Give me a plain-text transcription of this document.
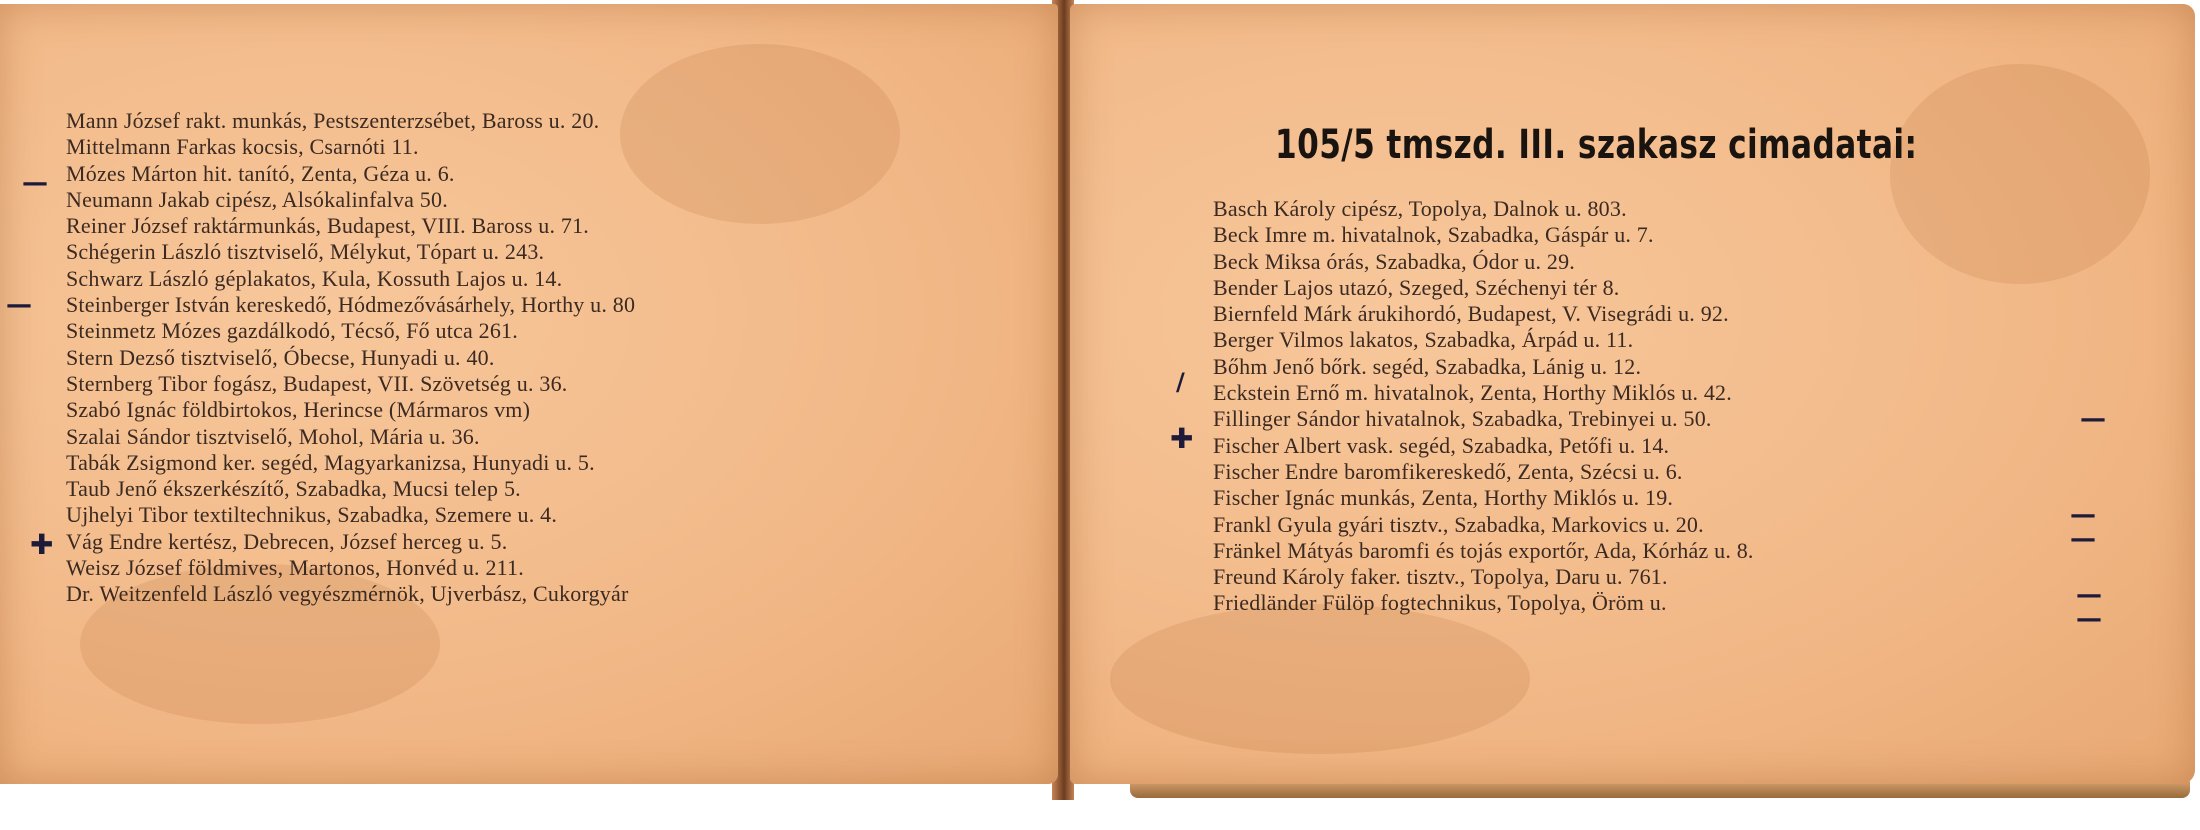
Mann József rakt. munkás, Pestszenterzsébet, Baross u. 20.
Mittelmann Farkas kocsis, Csarnóti 11.
Mózes Márton hit. tanító, Zenta, Géza u. 6.
Neumann Jakab cipész, Alsókalinfalva 50.
Reiner József raktármunkás, Budapest, VIII. Baross u. 71.
Schégerin László tisztviselő, Mélykut, Tópart u. 243.
Schwarz László géplakatos, Kula, Kossuth Lajos u. 14.
Steinberger István kereskedő, Hódmezővásárhely, Horthy u. 80
Steinmetz Mózes gazdálkodó, Técső, Fő utca 261.
Stern Dezső tisztviselő, Óbecse, Hunyadi u. 40.
Sternberg Tibor fogász, Budapest, VII. Szövetség u. 36.
Szabó Ignác földbirtokos, Herincse (Mármaros vm)
Szalai Sándor tisztviselő, Mohol, Mária u. 36.
Tabák Zsigmond ker. segéd, Magyarkanizsa, Hunyadi u. 5.
Taub Jenő ékszerkészítő, Szabadka, Mucsi telep 5.
Ujhelyi Tibor textiltechnikus, Szabadka, Szemere u. 4.
Vág Endre kertész, Debrecen, József herceg u. 5.
Weisz József földmives, Martonos, Honvéd u. 211.
Dr. Weitzenfeld László vegyészmérnök, Ujverbász, Cukorgyár
—
—
✚
105/5 tmszd. III. szakasz cimadatai:
Basch Károly cipész, Topolya, Dalnok u. 803.
Beck Imre m. hivatalnok, Szabadka, Gáspár u. 7.
Beck Miksa órás, Szabadka, Ódor u. 29.
Bender Lajos utazó, Szeged, Széchenyi tér 8.
Biernfeld Márk árukihordó, Budapest, V. Visegrádi u. 92.
Berger Vilmos lakatos, Szabadka, Árpád u. 11.
Bőhm Jenő bőrk. segéd, Szabadka, Lánig u. 12.
Eckstein Ernő m. hivatalnok, Zenta, Horthy Miklós u. 42.
Fillinger Sándor hivatalnok, Szabadka, Trebinyei u. 50.
Fischer Albert vask. segéd, Szabadka, Petőfi u. 14.
Fischer Endre baromfikereskedő, Zenta, Szécsi u. 6.
Fischer Ignác munkás, Zenta, Horthy Miklós u. 19.
Frankl Gyula gyári tisztv., Szabadka, Markovics u. 20.
Fränkel Mátyás baromfi és tojás exportőr, Ada, Kórház u. 8.
Freund Károly faker. tisztv., Topolya, Daru u. 761.
Friedländer Fülöp fogtechnikus, Topolya, Öröm u.
/
✚
—
—
—
—
—
